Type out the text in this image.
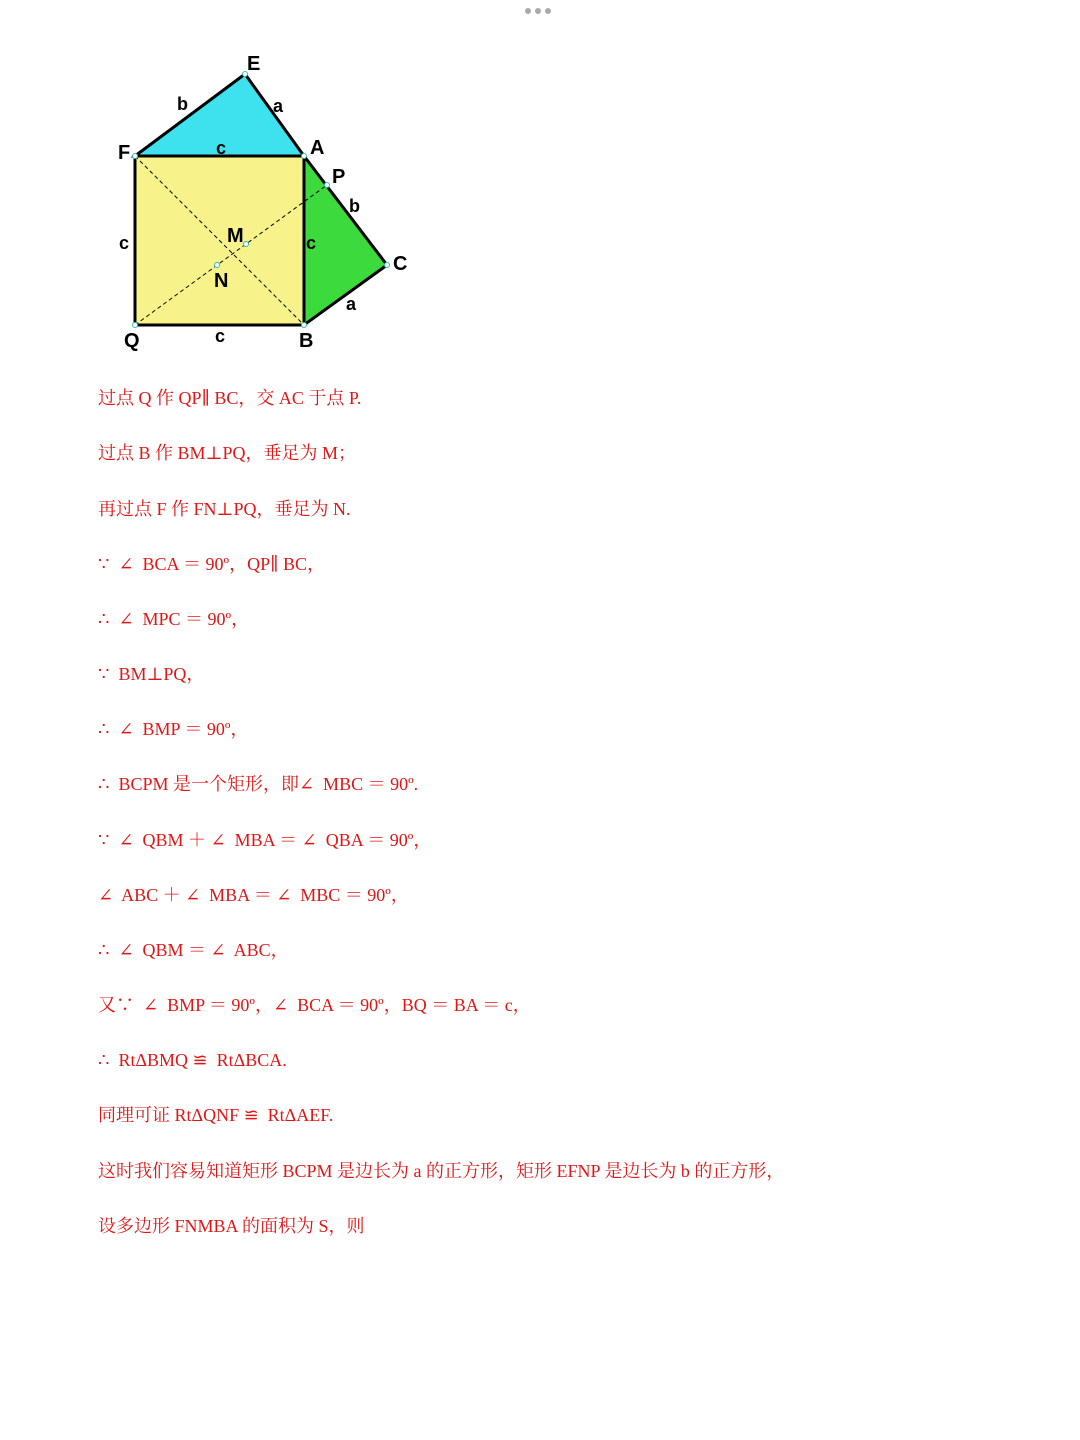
E
F	A
P
C
M
N
Q	B
b	a
c
b
a
c	c
c
过点 Q 作 QP∥ BC，交 AC 于点 P.
过点 B 作 BM⊥PQ，垂足为 M；
再过点 F 作 FN⊥PQ，垂足为 N.
∵  ∠  BCA ＝ 90º，QP∥ BC，
∴  ∠  MPC ＝ 90º，
∵  BM⊥PQ，
∴  ∠  BMP ＝ 90º，
∴  BCPM 是一个矩形，即∠  MBC ＝ 90º.
∵  ∠  QBM ＋ ∠  MBA ＝ ∠  QBA ＝ 90º，
∠  ABC ＋ ∠  MBA ＝ ∠  MBC ＝ 90º，
∴  ∠  QBM ＝ ∠  ABC，
又∵  ∠  BMP ＝ 90º，∠  BCA ＝ 90º，BQ ＝ BA ＝ c，
∴  RtΔBMQ ≌  RtΔBCA.
同理可证 RtΔQNF ≌  RtΔAEF.
这时我们容易知道矩形 BCPM 是边长为 a 的正方形，矩形 EFNP 是边长为 b 的正方形，
设多边形 FNMBA 的面积为 S，则
